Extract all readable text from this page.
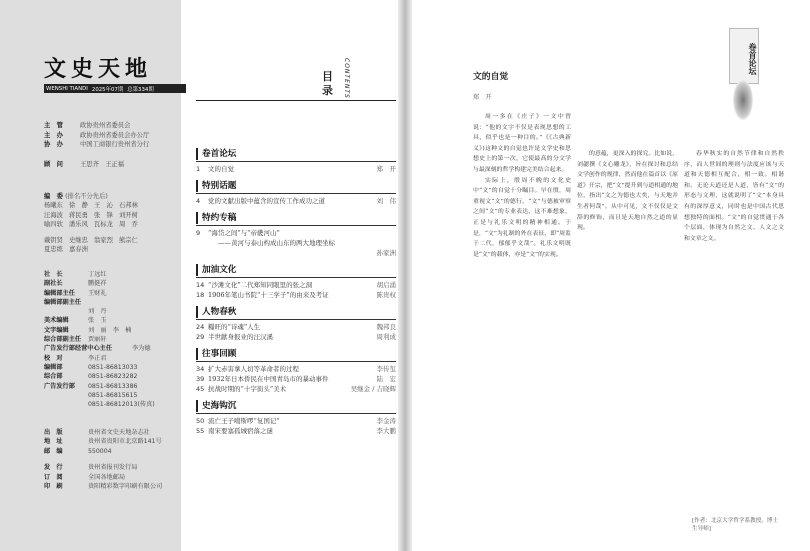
文史天地
WENSHI TIANDI 2025年07期 总第334期
主　管	政协贵州省委员会
主　办	政协贵州省委员会办公厅
协　办	中国工商银行贵州省分行
顾　问	王思齐　王正福
编　委 (排名不分先后)
杨曦东 徐　静 王　沁 石邦林
汪海波 蒋民勇 张　锋 刘开树
喻四软 潘乐风 瓦标龙 周　乔
戴钥贤 史继忠 翁家烈 熊宗仁
夏忠练 嘉春洲
社　长	丁远红
副社长	鹏挺祥
编辑部主任	王财礼
编辑部副主任
刘　丹
美术编辑	张　玉
文字编辑	刘　丽　李　楠
综合部副主任	贾丽轩
广告发行部经营中心主任	李为德
校　对	李正君
编辑部	0851-86813033
综合部	0851-86823282
广告发行部	0851-86813386
0851-86815615
0851-86812013(传真)
出　版	贵州省文史天地杂志社
地　址	贵州省贵阳市北京路141号
邮　编	550004
发　行	贵州省报刊发行局
订　阅	全国各地邮局
印　刷	贵阳精彩数字印刷有限公司
目录	CONTENTS
卷首论坛
1	文的自觉	郑　开
特别话题
4	党的文献出版中蕴含的宣传工作成功之道	刘　伟
特约专稿
9	“海岱之间”与“帝畿河山”
——黄河与泰山构成山东的两大地理坐标
孙家洲
加油文化
14 “沙滩文化”二代郑知同眼里的张之洞	胡启涌
18 1906年笔山书院“十三学子”的由来及考证	陈贵权
人物春秋
24 糧旺的“诗魂”人生	魏邦良
29 半世献身报业的汪汉溪	周利成
往事回顾
34 扩大赤害拿人切等革命者的过程	李传玺
39 1932年日本侨民在中国青岛市的暴动事件	陆　宏
45 抗战时期的“十字街头”美术	吴继金 / 吉晓辉
史海钩沉
50 流亡王子噶斯啰“复国记”	李金涛
55 南宋要塞孤城宿落之谜	李大鹏
文的自觉
郑　开

周一多在《庄子》一文中曾说：“他的文字不仅是表现思想的工具，似乎也是一种目的。”《《古典新义》)这种文的自觉也许是文学史和思想史上的第一次，它使最高的分文学与最深刻的哲学构建完美结合起来。

实际上，殷周不晚的文化史中“文”的自觉十分瞩目。早在殷，周重视文“文”的德行，“文”与德被审察之间“文”的专业表达，这不难想象，正是与礼乐文明的精神相通。于是，“文”为礼制的外在表征，即“周监于二代，郁郁乎文哉”。礼乐文明既是“文”的载体，亦是“文”的实现。

的意蕴，更深入的探究。比如说，刘勰撰《文心雕龙》，旨在探讨和总结文学创作的规律，然而他在篇首以《原道》开宗，把“文”提升到与道相通的地位，指出“文之为德也大矣，与天地并生者何哉”。从中可见，文不仅仅是文辞的修饰，而且是天地自然之道的显现。

春华秋实的自然节律和自然秩序，而人世间的理则与法度应该与天道和天德相互配合，相一致。相谐和。无论天道还是人道，皆有“文”的形态与文理，这就说明了“文”本身具有的深厚意义，同时也是中国古代思想独特的面相。“文”的自觉贯通于各个层面，体现为自然之文、人文之文和文章之文。

卷首论坛
[作者：北京大学哲学系教授、博士生导师]
